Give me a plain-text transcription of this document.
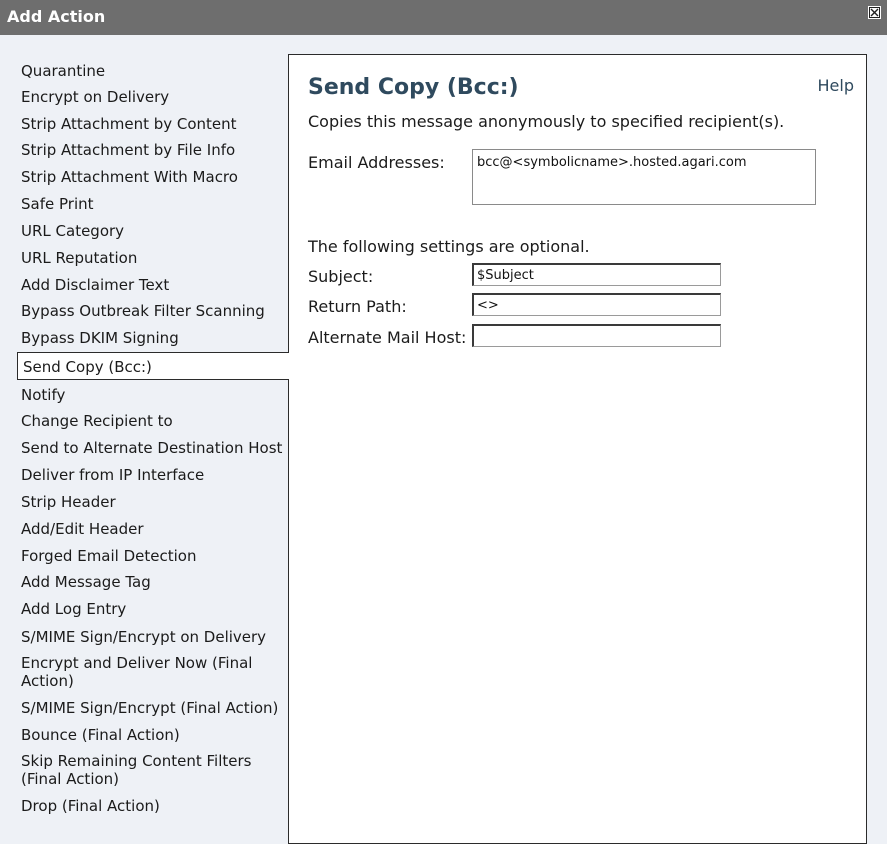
Add Action
Quarantine
Encrypt on Delivery
Strip Attachment by Content
Strip Attachment by File Info
Strip Attachment With Macro
Safe Print
URL Category
URL Reputation
Add Disclaimer Text
Bypass Outbreak Filter Scanning
Bypass DKIM Signing
Send Copy (Bcc:)
Notify
Change Recipient to
Send to Alternate Destination Host
Deliver from IP Interface
Strip Header
Add/Edit Header
Forged Email Detection
Add Message Tag
Add Log Entry
S/MIME Sign/Encrypt on Delivery
Encrypt and Deliver Now (Final Action)
S/MIME Sign/Encrypt (Final Action)
Bounce (Final Action)
Skip Remaining Content Filters (Final Action)
Drop (Final Action)
Send Copy (Bcc:)	Help
Copies this message anonymously to specified recipient(s).
Email Addresses:
bcc@<symbolicname>.hosted.agari.com
The following settings are optional.
Subject:
$Subject
Return Path:
<>
Alternate Mail Host:
